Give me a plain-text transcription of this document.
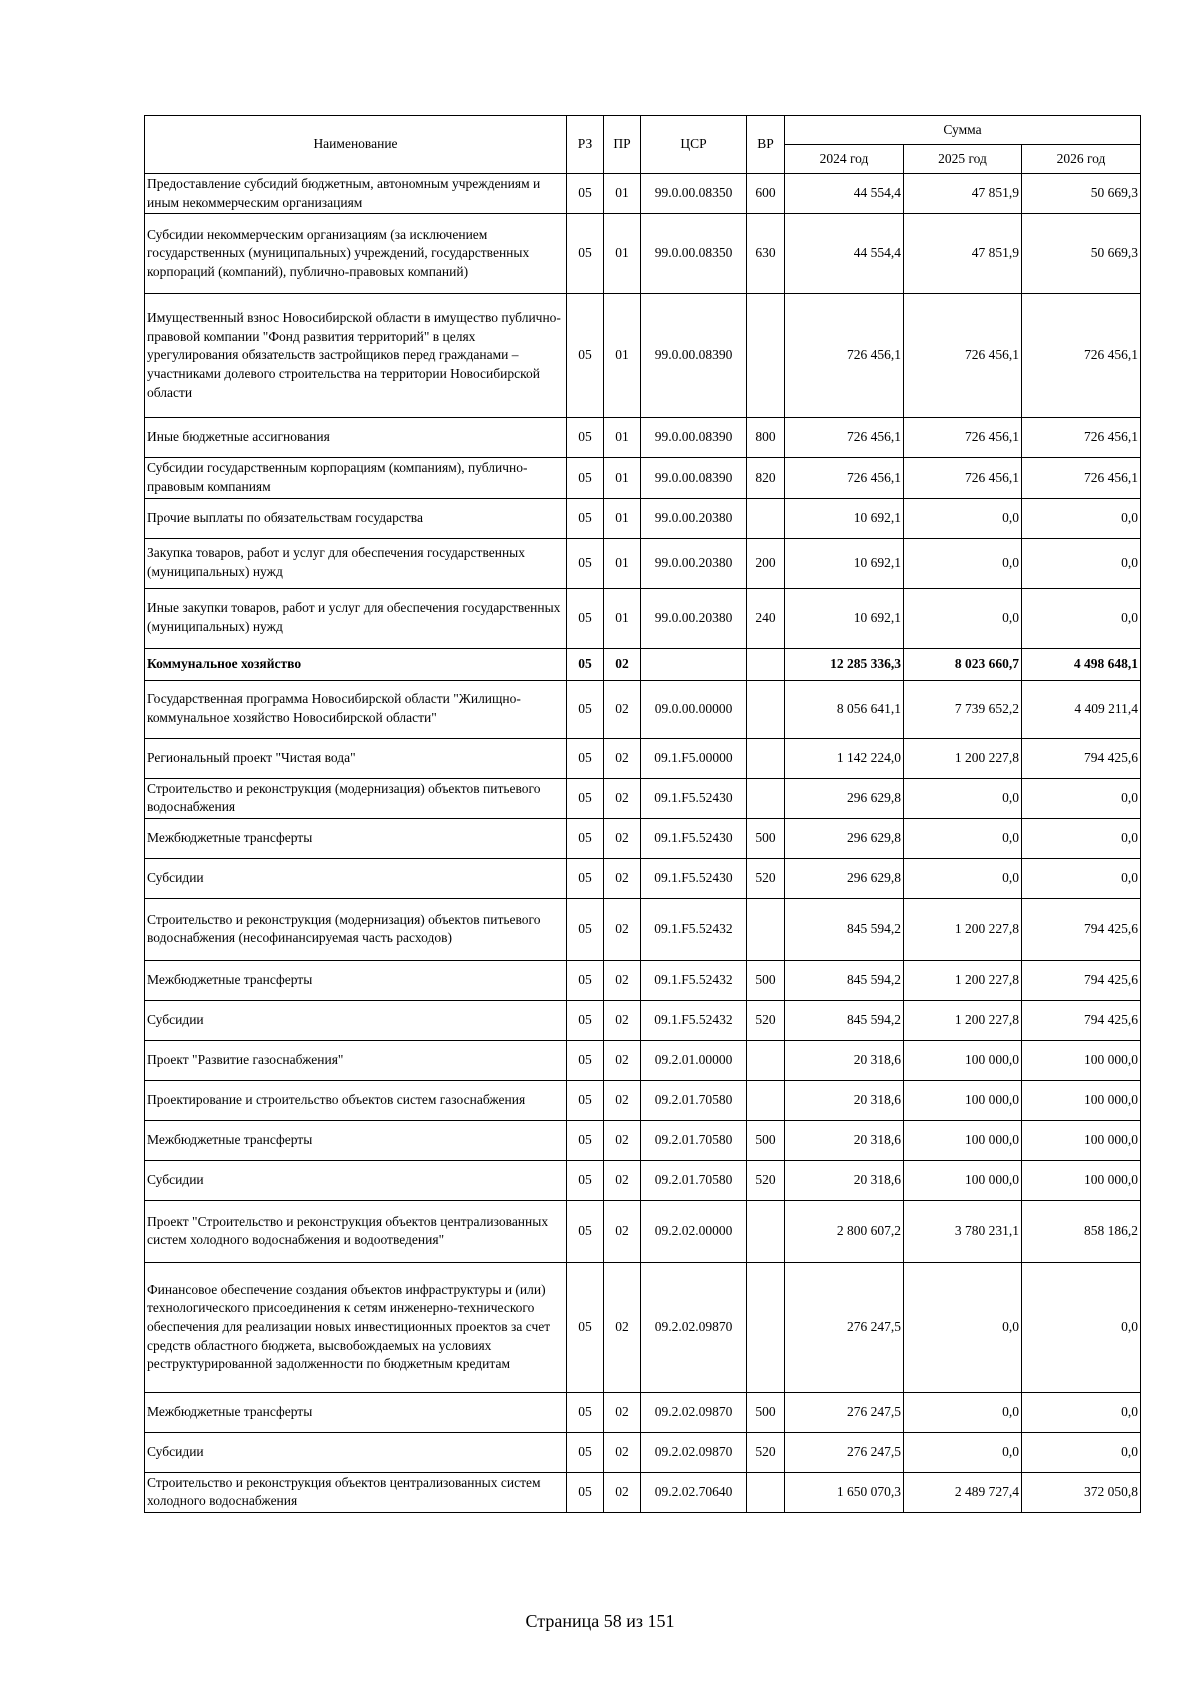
Наименование	РЗ	ПР	ЦСР	ВР	Сумма		
					2024 год	2025 год	2026 год
Предоставление субсидий бюджетным, автономным учреждениям и иным некоммерческим организациям	05	01	99.0.00.08350	600	44 554,4	47 851,9	50 669,3
Субсидии некоммерческим организациям (за исключением государственных (муниципальных) учреждений, государственных корпораций (компаний), публично-правовых компаний)	05	01	99.0.00.08350	630	44 554,4	47 851,9	50 669,3
Имущественный взнос Новосибирской области в имущество публично-правовой компании "Фонд развития территорий" в целях урегулирования обязательств застройщиков перед гражданами – участниками долевого строительства на территории Новосибирской области	05	01	99.0.00.08390		726 456,1	726 456,1	726 456,1
Иные бюджетные ассигнования	05	01	99.0.00.08390	800	726 456,1	726 456,1	726 456,1
Субсидии государственным корпорациям (компаниям), публично-правовым компаниям	05	01	99.0.00.08390	820	726 456,1	726 456,1	726 456,1
Прочие выплаты по обязательствам государства	05	01	99.0.00.20380		10 692,1	0,0	0,0
Закупка товаров, работ и услуг для обеспечения государственных (муниципальных) нужд	05	01	99.0.00.20380	200	10 692,1	0,0	0,0
Иные закупки товаров, работ и услуг для обеспечения государственных (муниципальных) нужд	05	01	99.0.00.20380	240	10 692,1	0,0	0,0
Коммунальное хозяйство	05	02			12 285 336,3	8 023 660,7	4 498 648,1
Государственная программа Новосибирской области "Жилищно-коммунальное хозяйство Новосибирской области"	05	02	09.0.00.00000		8 056 641,1	7 739 652,2	4 409 211,4
Региональный проект "Чистая вода"	05	02	09.1.F5.00000		1 142 224,0	1 200 227,8	794 425,6
Строительство и реконструкция (модернизация) объектов питьевого водоснабжения	05	02	09.1.F5.52430		296 629,8	0,0	0,0
Межбюджетные трансферты	05	02	09.1.F5.52430	500	296 629,8	0,0	0,0
Субсидии	05	02	09.1.F5.52430	520	296 629,8	0,0	0,0
Строительство и реконструкция (модернизация) объектов питьевого водоснабжения (несофинансируемая часть расходов)	05	02	09.1.F5.52432		845 594,2	1 200 227,8	794 425,6
Межбюджетные трансферты	05	02	09.1.F5.52432	500	845 594,2	1 200 227,8	794 425,6
Субсидии	05	02	09.1.F5.52432	520	845 594,2	1 200 227,8	794 425,6
Проект "Развитие газоснабжения"	05	02	09.2.01.00000		20 318,6	100 000,0	100 000,0
Проектирование и строительство объектов систем газоснабжения	05	02	09.2.01.70580		20 318,6	100 000,0	100 000,0
Межбюджетные трансферты	05	02	09.2.01.70580	500	20 318,6	100 000,0	100 000,0
Субсидии	05	02	09.2.01.70580	520	20 318,6	100 000,0	100 000,0
Проект "Строительство и реконструкция объектов централизованных систем холодного водоснабжения и водоотведения"	05	02	09.2.02.00000		2 800 607,2	3 780 231,1	858 186,2
Финансовое обеспечение создания объектов инфраструктуры и (или) технологического присоединения к сетям инженерно-технического обеспечения для реализации новых инвестиционных проектов за счет средств областного бюджета, высвобождаемых на условиях реструктурированной задолженности по бюджетным кредитам	05	02	09.2.02.09870		276 247,5	0,0	0,0
Межбюджетные трансферты	05	02	09.2.02.09870	500	276 247,5	0,0	0,0
Субсидии	05	02	09.2.02.09870	520	276 247,5	0,0	0,0
Строительство и реконструкция объектов централизованных систем холодного водоснабжения	05	02	09.2.02.70640		1 650 070,3	2 489 727,4	372 050,8
Страница 58 из 151
